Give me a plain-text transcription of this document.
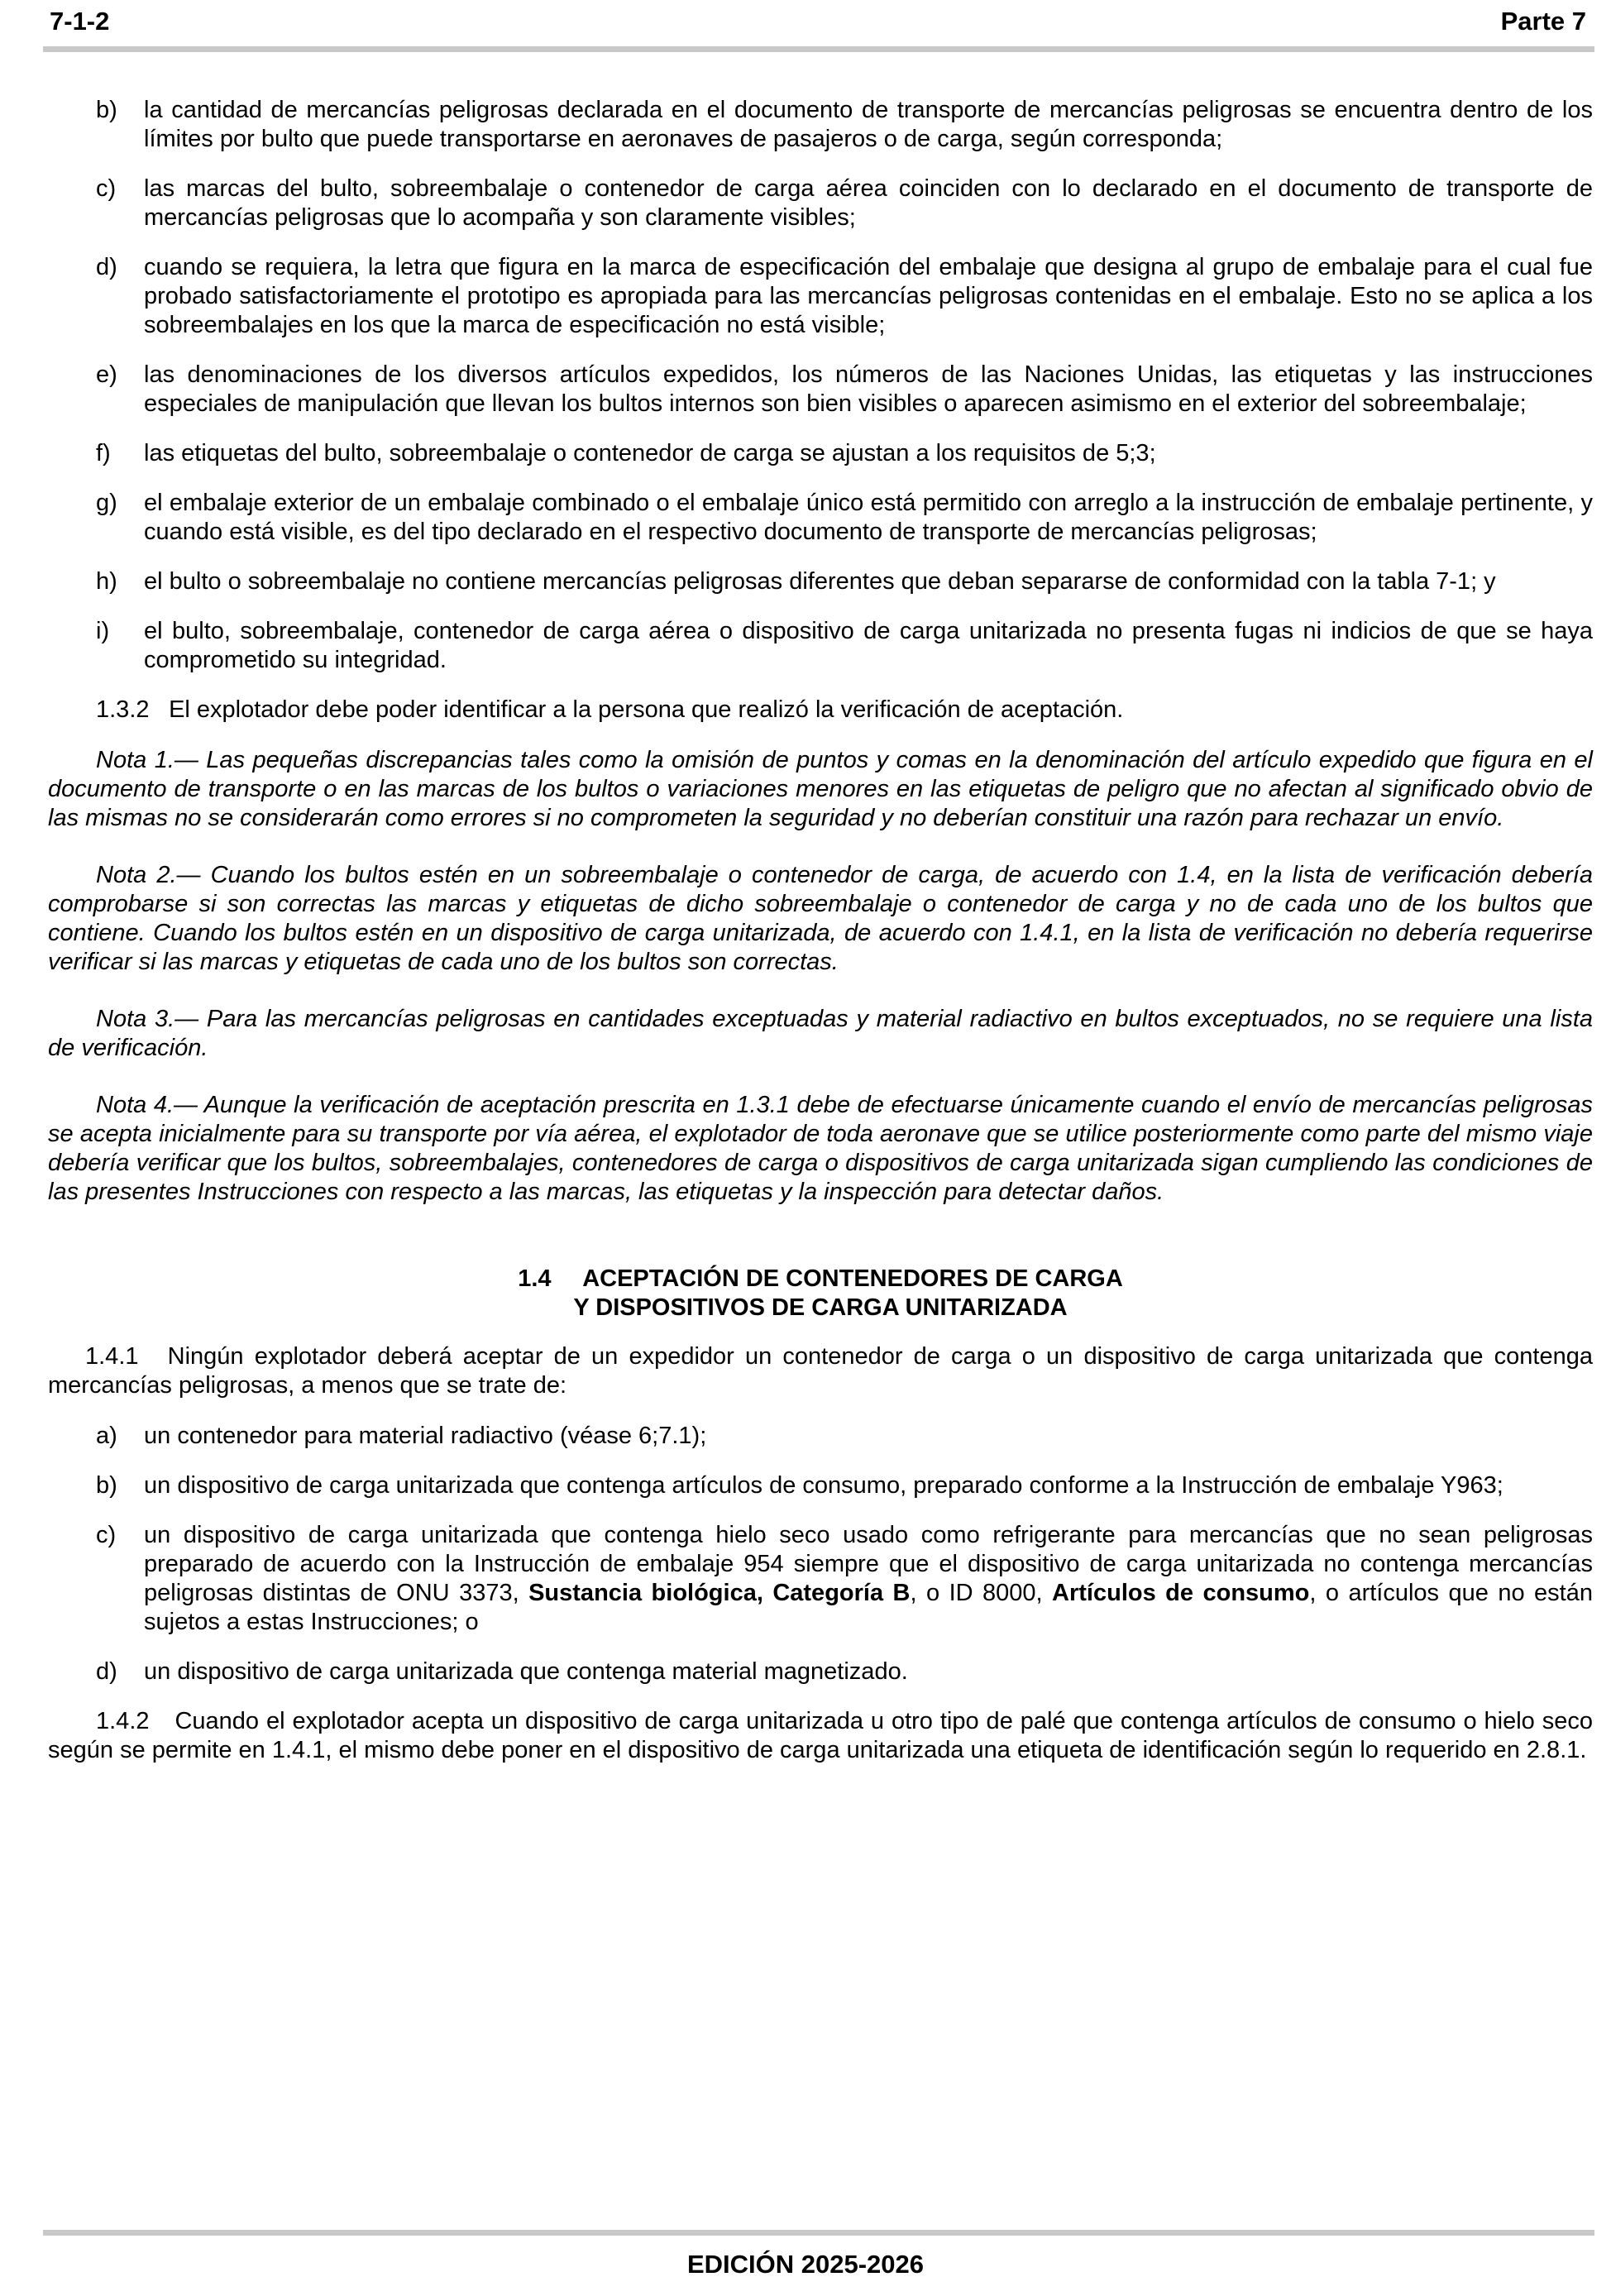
7-1-2	Parte 7
b)	la cantidad de mercancías peligrosas declarada en el documento de transporte de mercancías peligrosas se encuentra dentro de los límites por bulto que puede transportarse en aeronaves de pasajeros o de carga, según corresponda;
c)	las marcas del bulto, sobreembalaje o contenedor de carga aérea coinciden con lo declarado en el documento de transporte de mercancías peligrosas que lo acompaña y son claramente visibles;
d)	cuando se requiera, la letra que figura en la marca de especificación del embalaje que designa al grupo de embalaje para el cual fue probado satisfactoriamente el prototipo es apropiada para las mercancías peligrosas contenidas en el embalaje. Esto no se aplica a los sobreembalajes en los que la marca de especificación no está visible;
e)	las denominaciones de los diversos artículos expedidos, los números de las Naciones Unidas, las etiquetas y las instrucciones especiales de manipulación que llevan los bultos internos son bien visibles o aparecen asimismo en el exterior del sobreembalaje;
f)	las etiquetas del bulto, sobreembalaje o contenedor de carga se ajustan a los requisitos de 5;3;
g)	el embalaje exterior de un embalaje combinado o el embalaje único está permitido con arreglo a la instrucción de embalaje pertinente, y cuando está visible, es del tipo declarado en el respectivo documento de transporte de mercancías peligrosas;
h)	el bulto o sobreembalaje no contiene mercancías peligrosas diferentes que deban separarse de conformidad con la tabla 7-1; y
i)	el bulto, sobreembalaje, contenedor de carga aérea o dispositivo de carga unitarizada no presenta fugas ni indicios de que se haya comprometido su integridad.
1.3.2 El explotador debe poder identificar a la persona que realizó la verificación de aceptación.
Nota 1.— Las pequeñas discrepancias tales como la omisión de puntos y comas en la denominación del artículo expedido que figura en el documento de transporte o en las marcas de los bultos o variaciones menores en las etiquetas de peligro que no afectan al significado obvio de las mismas no se considerarán como errores si no comprometen la seguridad y no deberían constituir una razón para rechazar un envío.
Nota 2.— Cuando los bultos estén en un sobreembalaje o contenedor de carga, de acuerdo con 1.4, en la lista de verificación debería comprobarse si son correctas las marcas y etiquetas de dicho sobreembalaje o contenedor de carga y no de cada uno de los bultos que contiene. Cuando los bultos estén en un dispositivo de carga unitarizada, de acuerdo con 1.4.1, en la lista de verificación no debería requerirse verificar si las marcas y etiquetas de cada uno de los bultos son correctas.
Nota 3.— Para las mercancías peligrosas en cantidades exceptuadas y material radiactivo en bultos exceptuados, no se requiere una lista de verificación.
Nota 4.— Aunque la verificación de aceptación prescrita en 1.3.1 debe de efectuarse únicamente cuando el envío de mercancías peligrosas se acepta inicialmente para su transporte por vía aérea, el explotador de toda aeronave que se utilice posteriormente como parte del mismo viaje debería verificar que los bultos, sobreembalajes, contenedores de carga o dispositivos de carga unitarizada sigan cumpliendo las condiciones de las presentes Instrucciones con respecto a las marcas, las etiquetas y la inspección para detectar daños.
1.4 ACEPTACIÓN DE CONTENEDORES DE CARGA
Y DISPOSITIVOS DE CARGA UNITARIZADA
1.4.1 Ningún explotador deberá aceptar de un expedidor un contenedor de carga o un dispositivo de carga unitarizada que contenga mercancías peligrosas, a menos que se trate de:
a)	un contenedor para material radiactivo (véase 6;7.1);
b)	un dispositivo de carga unitarizada que contenga artículos de consumo, preparado conforme a la Instrucción de embalaje Y963;
c)	un dispositivo de carga unitarizada que contenga hielo seco usado como refrigerante para mercancías que no sean peligrosas preparado de acuerdo con la Instrucción de embalaje 954 siempre que el dispositivo de carga unitarizada no contenga mercancías peligrosas distintas de ONU 3373, Sustancia biológica, Categoría B, o ID 8000, Artículos de consumo, o artículos que no están sujetos a estas Instrucciones; o
d)	un dispositivo de carga unitarizada que contenga material magnetizado.
1.4.2 Cuando el explotador acepta un dispositivo de carga unitarizada u otro tipo de palé que contenga artículos de consumo o hielo seco según se permite en 1.4.1, el mismo debe poner en el dispositivo de carga unitarizada una etiqueta de identificación según lo requerido en 2.8.1.
EDICIÓN 2025-2026
